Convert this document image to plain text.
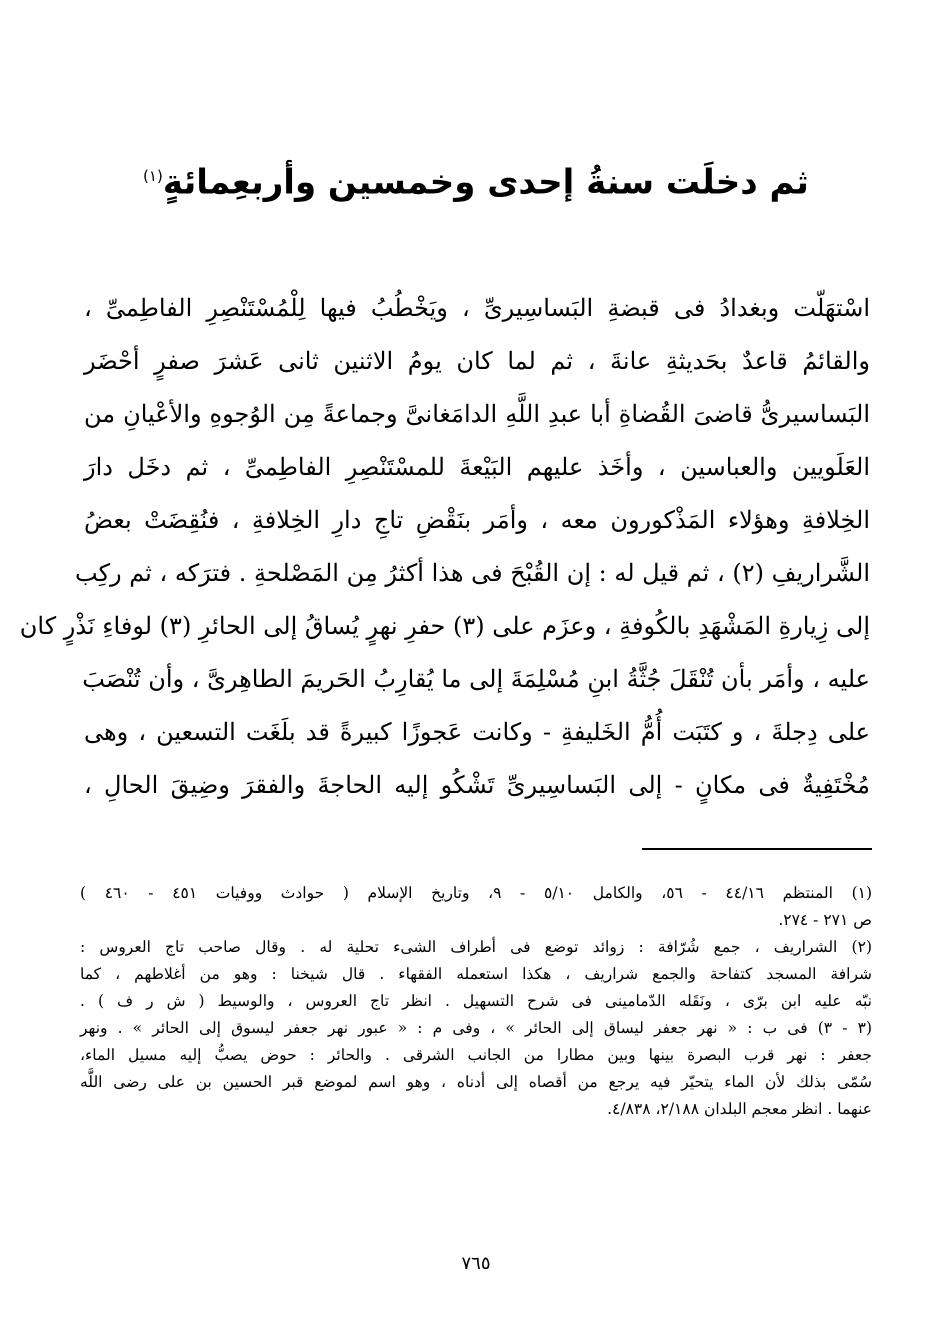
ثم دخلَت سنةُ إحدى وخمسين وأربعِمائةٍ$^{(١)}$
اسْتهَلّت وبغدادُ فى قبضةِ البَساسِيرىِّ ، ويَخْطُبُ فيها لِلْمُسْتَنْصِرِ الفاطِمىِّ ،
والقائمُ قاعدٌ بحَديثةِ عانةَ ، ثم لما كان يومُ الاثنين ثانى عَشرَ صفرٍ أحْضَر
البَساسيرىُّ قاضىَ القُضاةِ أبا عبدِ اللَّهِ الدامَغانىَّ وجماعةً مِن الوُجوهِ والأعْيانِ من
العَلَويين والعباسين ، وأخَذ عليهم البَيْعةَ للمسْتَنْصِرِ الفاطِمىِّ ، ثم دخَل دارَ
الخِلافةِ وهؤلاء المَذْكورون معه ، وأمَر بنَقْضِ تاجِ دارِ الخِلافةِ ، فنُقِضَتْ بعضُ
الشَّراريفِ (٢) ، ثم قيل له : إن القُبْحَ فى هذا أكثرُ مِن المَصْلحةِ . فترَكه ، ثم ركِب
إلى زِيارةِ المَشْهَدِ بالكُوفةِ ، وعزَم على (٣) حفرِ نهرٍ يُساقُ إلى الحائرِ (٣) لوفاءِ نَذْرٍ كان
عليه ، وأمَر بأن تُنْقَلَ جُثَّةُ ابنِ مُسْلِمَةَ إلى ما يُقارِبُ الحَريمَ الطاهِرىَّ ، وأن تُنْصَبَ
على دِجلةَ ، و كتَبَت أُمُّ الخَليفةِ - وكانت عَجوزًا كبيرةً قد بلَغَت التسعين ، وهى
مُخْتَفِيةٌ فى مكانٍ - إلى البَساسِيرىِّ تَشْكُو إليه الحاجةَ والفقرَ وضِيقَ الحالِ ،
(١) المنتظم ٤٤/١٦ - ٥٦، والكامل ٥/١٠ - ٩، وتاريخ الإسلام ( حوادث ووفيات ٤٥١ - ٤٦٠ )
ص ٢٧١ - ٢٧٤.
(٢) الشراريف ، جمع شُرّافة : زوائد توضع فى أطراف الشىء تحلية له . وقال صاحب تاج العروس :
شرافة المسجد كتفاحة والجمع شراريف ، هكذا استعمله الفقهاء . قال شيخنا : وهو من أغلاطهم ، كما
نبّه عليه ابن برّى ، ونَقَله الدّمامينى فى شرح التسهيل . انظر تاج العروس ، والوسيط ( ش ر ف ) .
(٣ - ٣) فى ب : « نهر جعفر ليساق إلى الحائر » ، وفى م : « عبور نهر جعفر ليسوق إلى الحائر » . ونهر
جعفر : نهر قرب البصرة بينها وبين مطارا من الجانب الشرقى . والحائر : حوض يصبُّ إليه مسيل الماء،
سُمّى بذلك لأن الماء يتحيّر فيه يرجع من أقصاه إلى أدناه ، وهو اسم لموضع قبر الحسين بن على رضى اللَّه
عنهما . انظر معجم البلدان ٢/١٨٨، ٤/٨٣٨.
٧٦٥
